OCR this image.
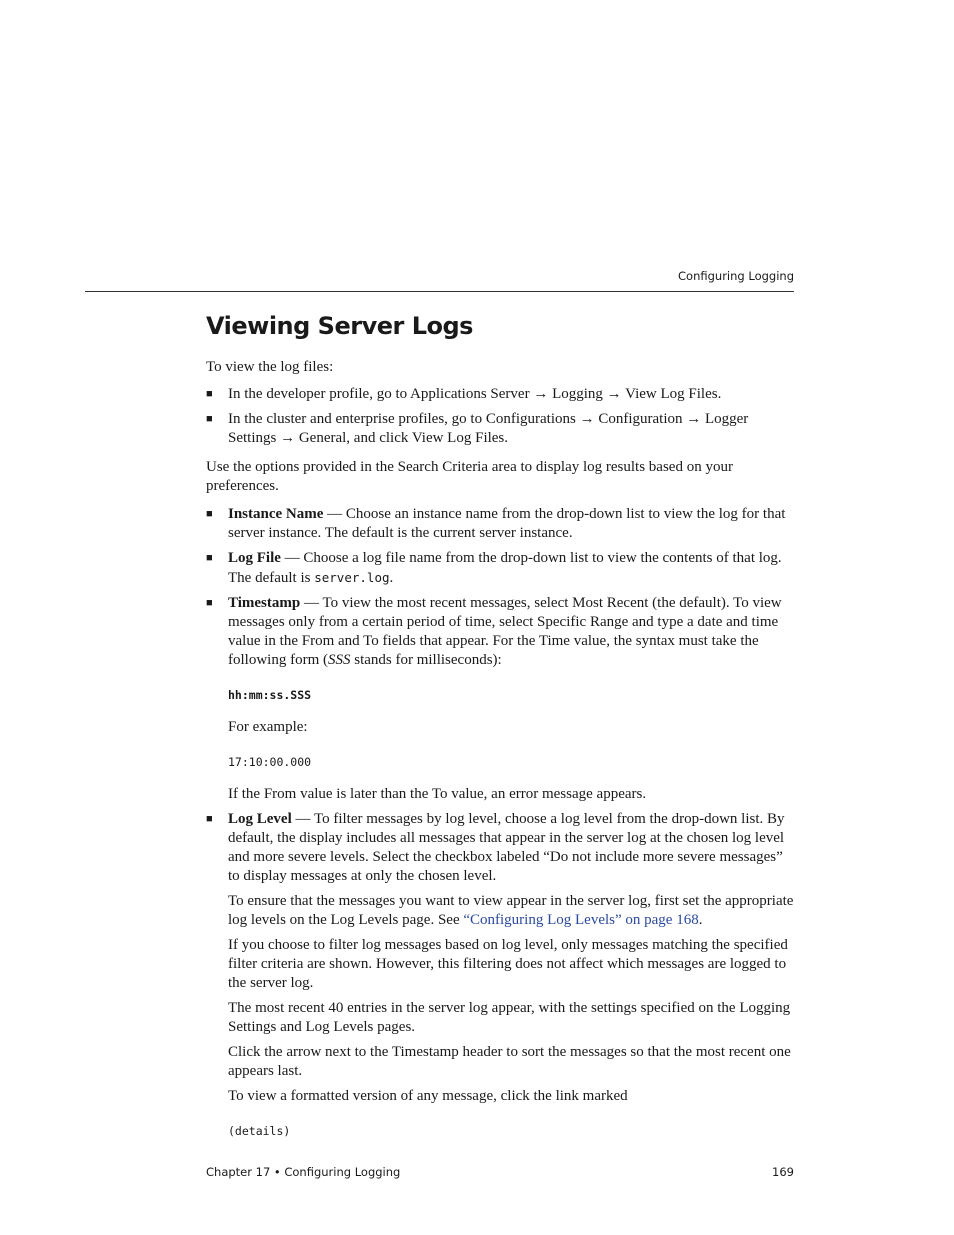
Configuring Logging
Viewing Server Logs

To view the log files:

■ In the developer profile, go to Applications Server → Logging → View Log Files.
■ In the cluster and enterprise profiles, go to Configurations → Configuration → Logger Settings → General, and click View Log Files.

Use the options provided in the Search Criteria area to display log results based on your preferences.

■ Instance Name — Choose an instance name from the drop-down list to view the log for that server instance. The default is the current server instance.
■ Log File — Choose a log file name from the drop-down list to view the contents of that log. The default is server.log.
■ Timestamp — To view the most recent messages, select Most Recent (the default). To view messages only from a certain period of time, select Specific Range and type a date and time value in the From and To fields that appear. For the Time value, the syntax must take the following form (SSS stands for milliseconds):
hh:mm:ss.SSS

For example:

17:10:00.000

If the From value is later than the To value, an error message appears.

■ Log Level — To filter messages by log level, choose a log level from the drop-down list. By default, the display includes all messages that appear in the server log at the chosen log level and more severe levels. Select the checkbox labeled “Do not include more severe messages” to display messages at only the chosen level.

To ensure that the messages you want to view appear in the server log, first set the appropriate log levels on the Log Levels page. See “Configuring Log Levels” on page 168.

If you choose to filter log messages based on log level, only messages matching the specified filter criteria are shown. However, this filtering does not affect which messages are logged to the server log.

The most recent 40 entries in the server log appear, with the settings specified on the Logging Settings and Log Levels pages.

Click the arrow next to the Timestamp header to sort the messages so that the most recent one appears last.

To view a formatted version of any message, click the link marked

(details)
Chapter 17 • Configuring Logging	169
